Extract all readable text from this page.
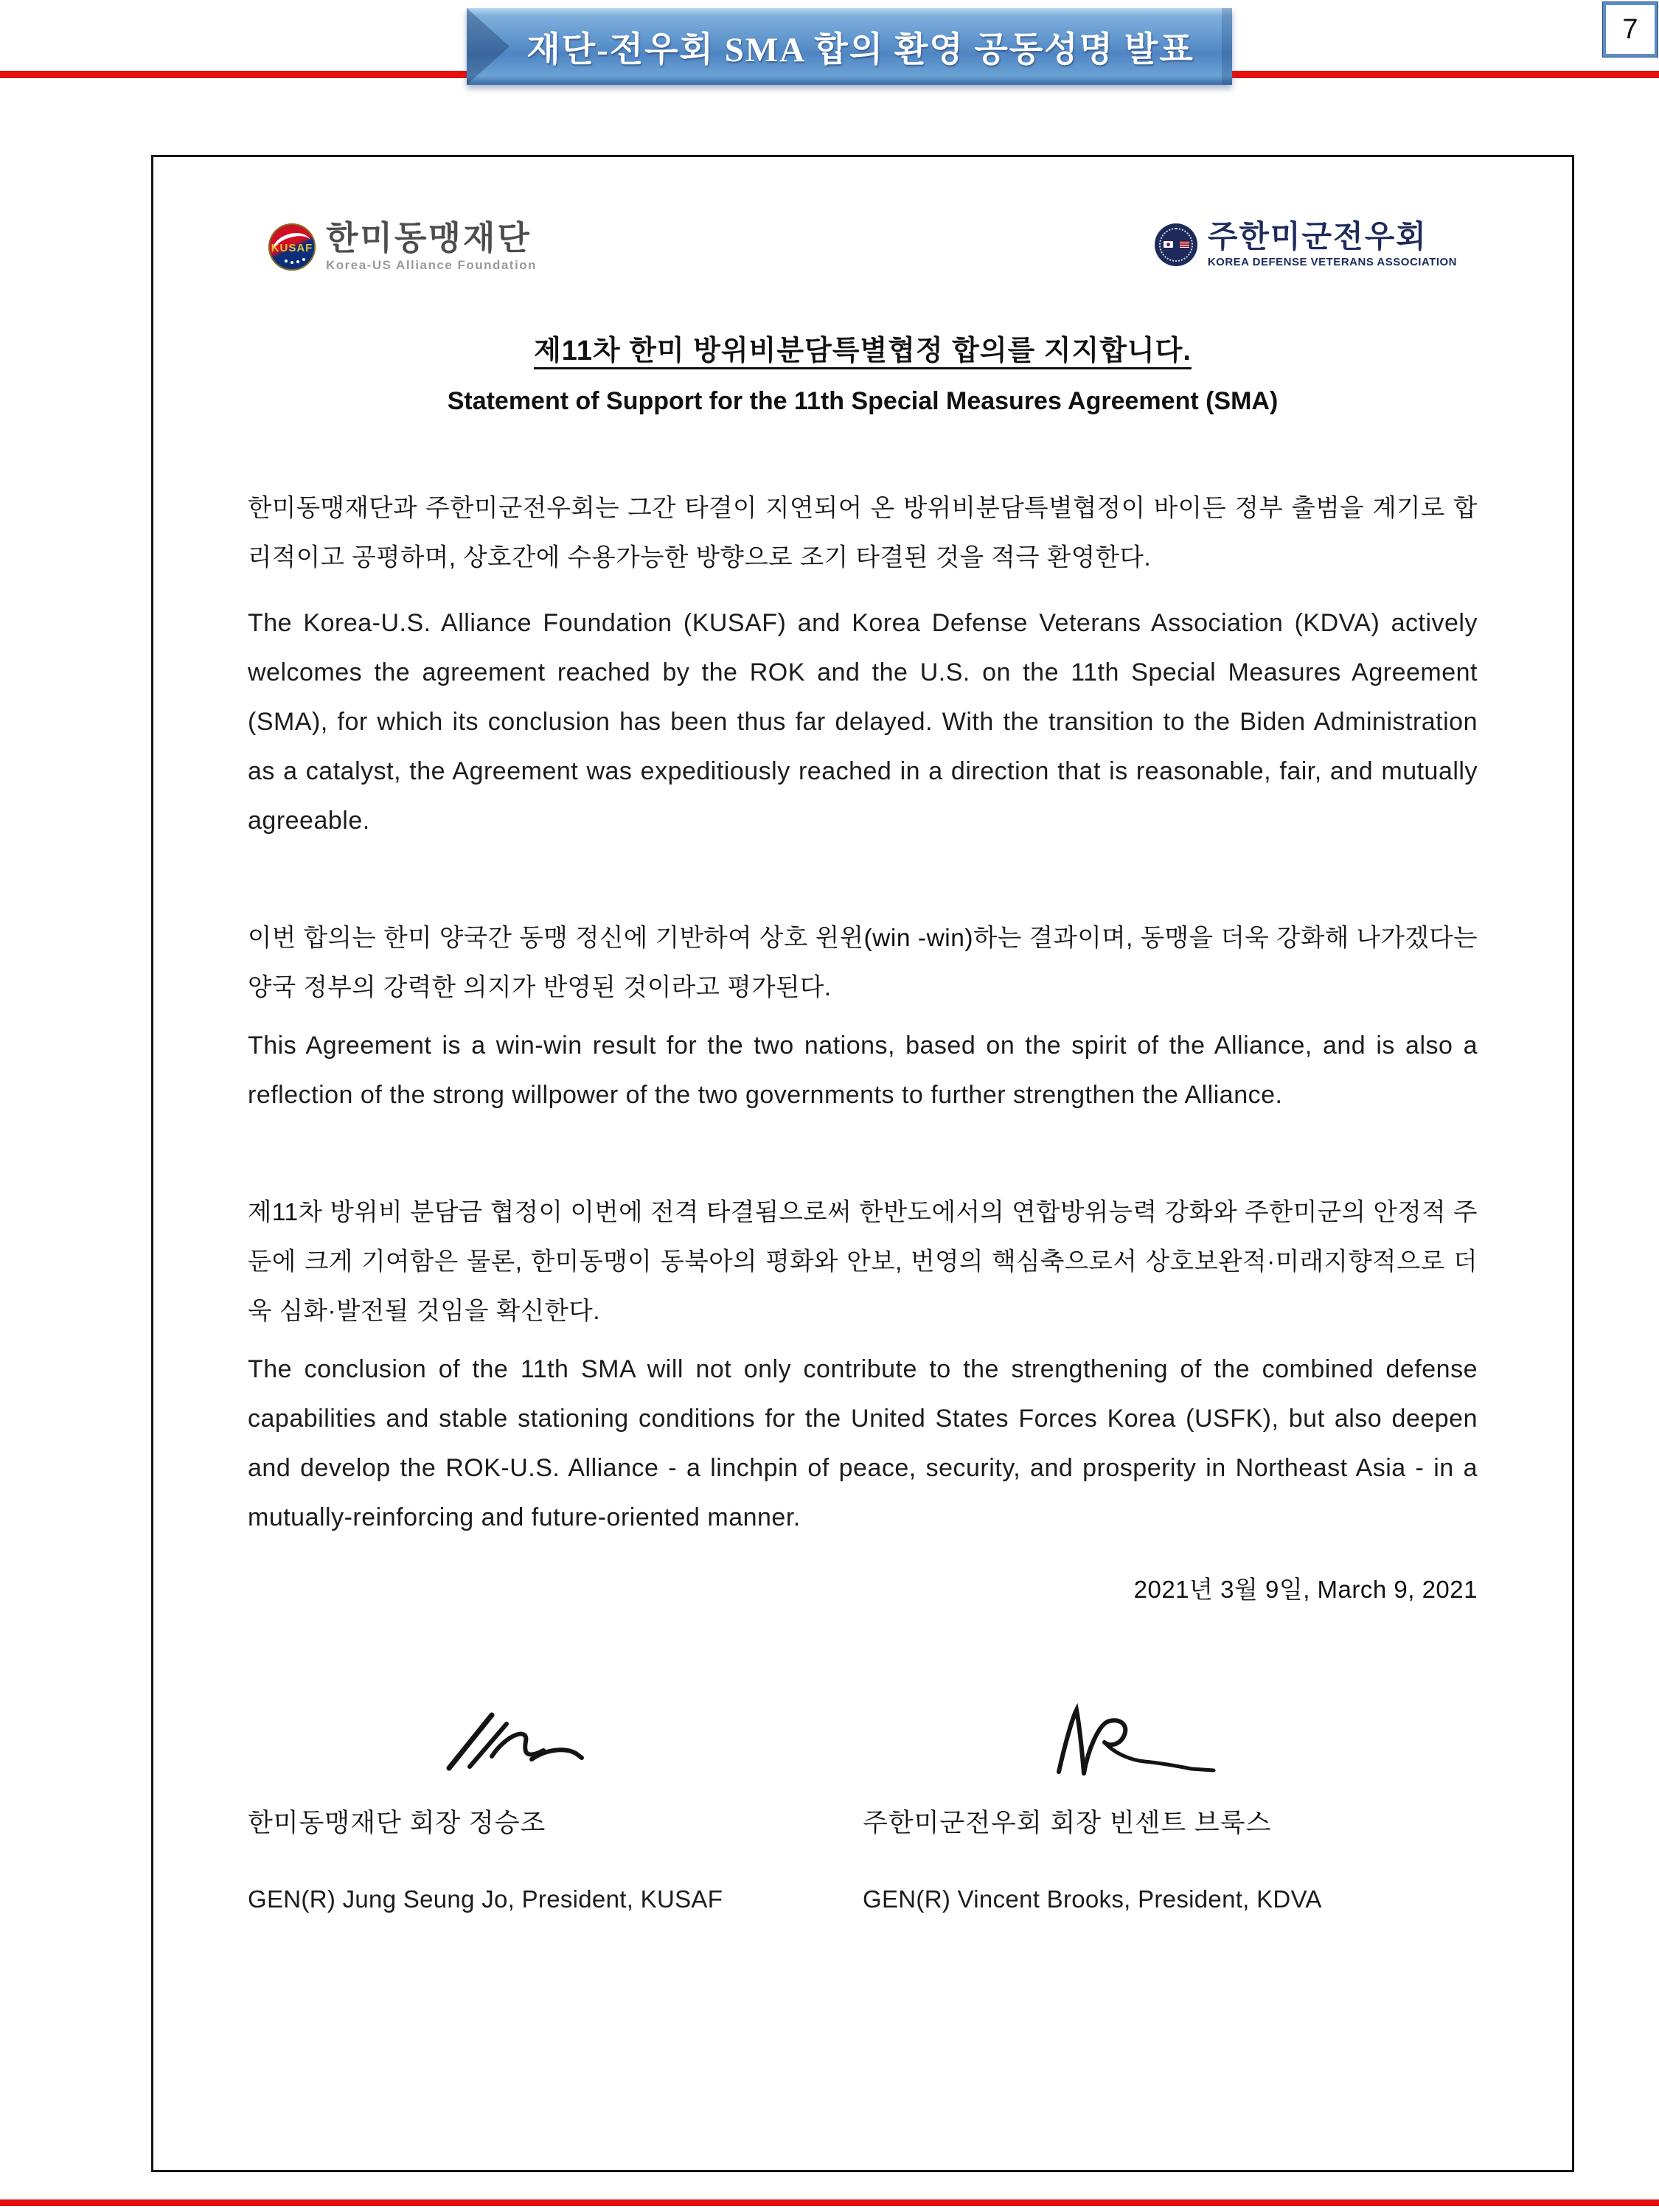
재단-전우회 SMA 합의 환영 공동성명 발표
7
KUSAF 한미동맹재단
Korea-US Alliance Foundation
주한미군전우회
KOREA DEFENSE VETERANS ASSOCIATION
제11차 한미 방위비분담특별협정 합의를 지지합니다.
Statement of Support for the 11th Special Measures Agreement (SMA)
한미동맹재단과 주한미군전우회는 그간 타결이 지연되어 온 방위비분담특별협정이 바이든 정부 출범을 계기로 합리적이고 공평하며, 상호간에 수용가능한 방향으로 조기 타결된 것을 적극 환영한다.
The Korea-U.S. Alliance Foundation (KUSAF) and Korea Defense Veterans Association (KDVA) actively welcomes the agreement reached by the ROK and the U.S. on the 11th Special Measures Agreement (SMA), for which its conclusion has been thus far delayed. With the transition to the Biden Administration as a catalyst, the Agreement was expeditiously reached in a direction that is reasonable, fair, and mutually agreeable.
이번 합의는 한미 양국간 동맹 정신에 기반하여 상호 윈윈(win -win)하는 결과이며, 동맹을 더욱 강화해 나가겠다는 양국 정부의 강력한 의지가 반영된 것이라고 평가된다.
This Agreement is a win-win result for the two nations, based on the spirit of the Alliance, and is also a reflection of the strong willpower of the two governments to further strengthen the Alliance.
제11차 방위비 분담금 협정이 이번에 전격 타결됨으로써 한반도에서의 연합방위능력 강화와 주한미군의 안정적 주둔에 크게 기여함은 물론, 한미동맹이 동북아의 평화와 안보, 번영의 핵심축으로서 상호보완적·미래지향적으로 더욱 심화·발전될 것임을 확신한다.
The conclusion of the 11th SMA will not only contribute to the strengthening of the combined defense capabilities and stable stationing conditions for the United States Forces Korea (USFK), but also deepen and develop the ROK-U.S. Alliance - a linchpin of peace, security, and prosperity in Northeast Asia - in a mutually-reinforcing and future-oriented manner.
2021년 3월 9일, March 9, 2021
한미동맹재단 회장 정승조
GEN(R) Jung Seung Jo, President, KUSAF
주한미군전우회 회장 빈센트 브룩스
GEN(R) Vincent Brooks, President, KDVA
